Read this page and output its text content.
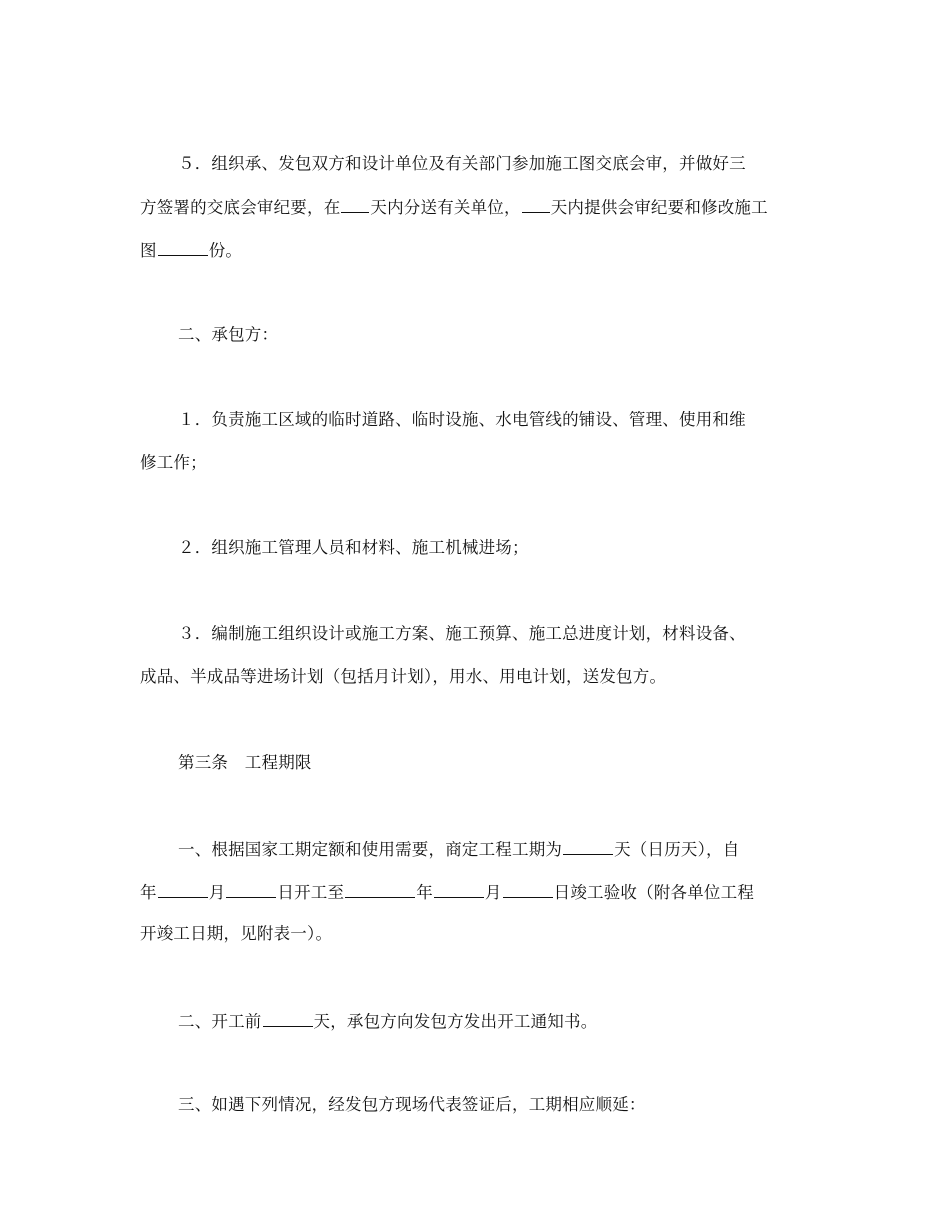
５．组织承、发包双方和设计单位及有关部门参加施工图交底会审，并做好三
方签署的交底会审纪要，在 天内分送有关单位， 天内提供会审纪要和修改施工
图	份。
二、承包方：
１．负责施工区域的临时道路、临时设施、水电管线的铺设、管理、使用和维
修工作；
２．组织施工管理人员和材料、施工机械进场；
３．编制施工组织设计或施工方案、施工预算、施工总进度计划，材料设备、
成品、半成品等进场计划（包括月计划），用水、用电计划，送发包方。
第三条　工程期限
一、根据国家工期定额和使用需要，商定工程工期为	天（日历天），自
年	月	日开工至	年	月	日竣工验收（附各单位工程
开竣工日期，见附表一）。
二、开工前	天，承包方向发包方发出开工通知书。
三、如遇下列情况，经发包方现场代表签证后，工期相应顺延：
